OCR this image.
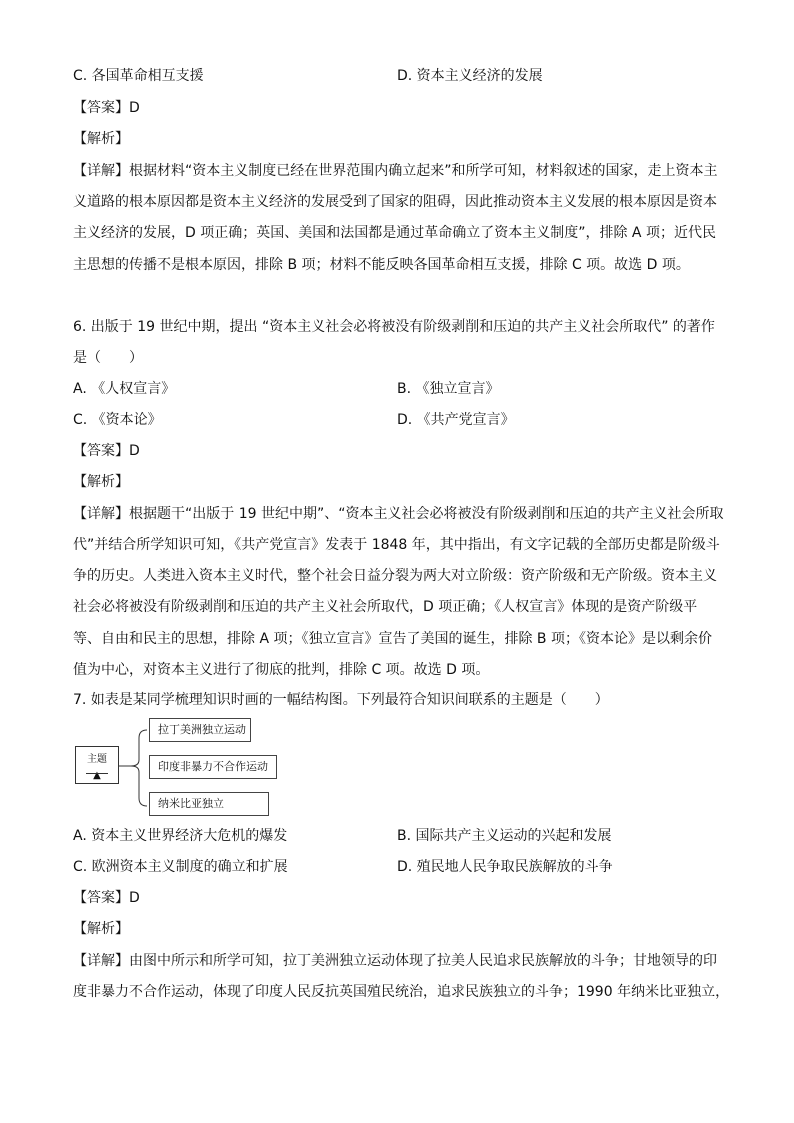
C. 各国革命相互支援	D. 资本主义经济的发展
【答案】D
【解析】
【详解】根据材料“资本主义制度已经在世界范围内确立起来”和所学可知，材料叙述的国家，走上资本主
义道路的根本原因都是资本主义经济的发展受到了国家的阻碍，因此推动资本主义发展的根本原因是资本
主义经济的发展，D 项正确；英国、美国和法国都是通过革命确立了资本主义制度”，排除 A 项；近代民
主思想的传播不是根本原因，排除 B 项；材料不能反映各国革命相互支援，排除 C 项。故选 D 项。
6. 出版于 19 世纪中期，提出 “资本主义社会必将被没有阶级剥削和压迫的共产主义社会所取代” 的著作
是（　　）
A. 《人权宣言》	B. 《独立宣言》
C. 《资本论》	D. 《共产党宣言》
【答案】D
【解析】
【详解】根据题干“出版于 19 世纪中期”、“资本主义社会必将被没有阶级剥削和压迫的共产主义社会所取
代”并结合所学知识可知，《共产党宣言》发表于 1848 年，其中指出，有文字记载的全部历史都是阶级斗
争的历史。人类进入资本主义时代，整个社会日益分裂为两大对立阶级：资产阶级和无产阶级。资本主义
社会必将被没有阶级剥削和压迫的共产主义社会所取代，D 项正确；《人权宣言》体现的是资产阶级平
等、自由和民主的思想，排除 A 项；《独立宣言》宣告了美国的诞生，排除 B 项；《资本论》是以剩余价
值为中心，对资本主义进行了彻底的批判，排除 C 项。故选 D 项。
7. 如表是某同学梳理知识时画的一幅结构图。下列最符合知识间联系的主题是（　　）
主题
▲
拉丁美洲独立运动
印度非暴力不合作运动
纳米比亚独立
A. 资本主义世界经济大危机的爆发	B. 国际共产主义运动的兴起和发展
C. 欧洲资本主义制度的确立和扩展	D. 殖民地人民争取民族解放的斗争
【答案】D
【解析】
【详解】由图中所示和所学可知，拉丁美洲独立运动体现了拉美人民追求民族解放的斗争；甘地领导的印
度非暴力不合作运动，体现了印度人民反抗英国殖民统治，追求民族独立的斗争；1990 年纳米比亚独立，
